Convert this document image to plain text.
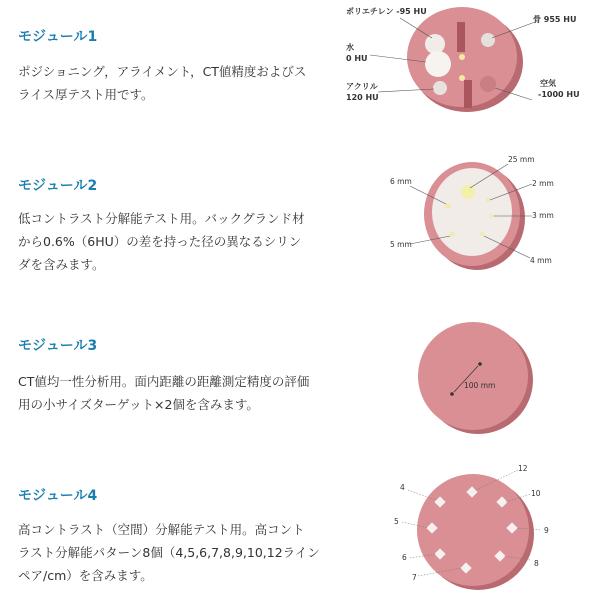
モジュール1
ポジショニング，アライメント，CT値精度およびス
ライス厚テスト用です。
ポリエチレン -95 HU
骨 955 HU
水
0 HU
アクリル
120 HU
空気
-1000 HU
モジュール2
低コントラスト分解能テスト用。バックグランド材
から0.6%（6HU）の差を持った径の異なるシリン
ダを含みます。
25 mm
6 mm	2 mm
3 mm
5 mm
4 mm
モジュール3
CT値均一性分析用。面内距離の距離測定精度の評価
用の小サイズターゲット×2個を含みます。
100 mm
モジュール4
高コントラスト（空間）分解能テスト用。高コント
ラスト分解能パターン8個（4,5,6,7,8,9,10,12ライン
ペア/cm）を含みます。
4
5
6
7
8
9
10
12
